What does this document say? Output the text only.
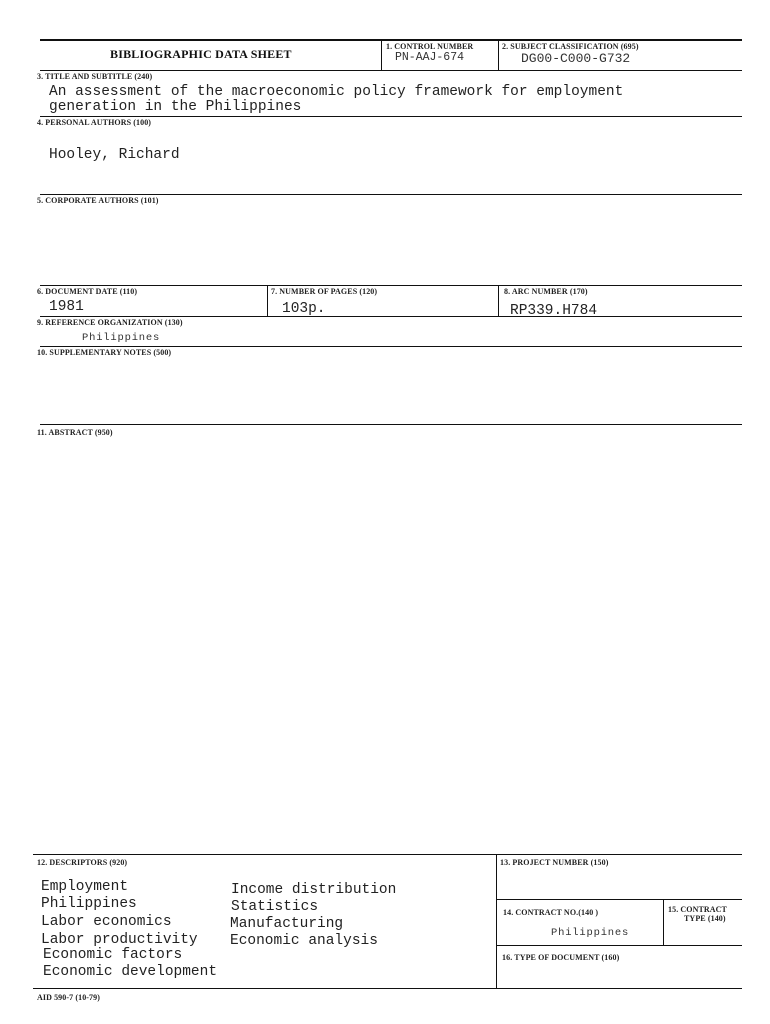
BIBLIOGRAPHIC DATA SHEET
1. CONTROL NUMBER
PN-AAJ-674
2. SUBJECT CLASSIFICATION (695)
DG00-C000-G732
3. TITLE AND SUBTITLE (240)
An assessment of the macroeconomic policy framework for employment
generation in the Philippines
4. PERSONAL AUTHORS (100)
Hooley, Richard
5. CORPORATE AUTHORS (101)
6. DOCUMENT DATE (110)
1981
7. NUMBER OF PAGES (120)
103p.
8. ARC NUMBER (170)
RP339.H784
9. REFERENCE ORGANIZATION (130)
Philippines
10. SUPPLEMENTARY NOTES (500)
11. ABSTRACT (950)
12. DESCRIPTORS (920)
Employment
Philippines
Labor economics
Labor productivity
Economic factors
Economic development
Income distribution
Statistics
Manufacturing
Economic analysis
13. PROJECT NUMBER (150)
14. CONTRACT NO.(140 )
Philippines
15. CONTRACT
TYPE (140)
16. TYPE OF DOCUMENT (160)
AID 590-7 (10-79)
